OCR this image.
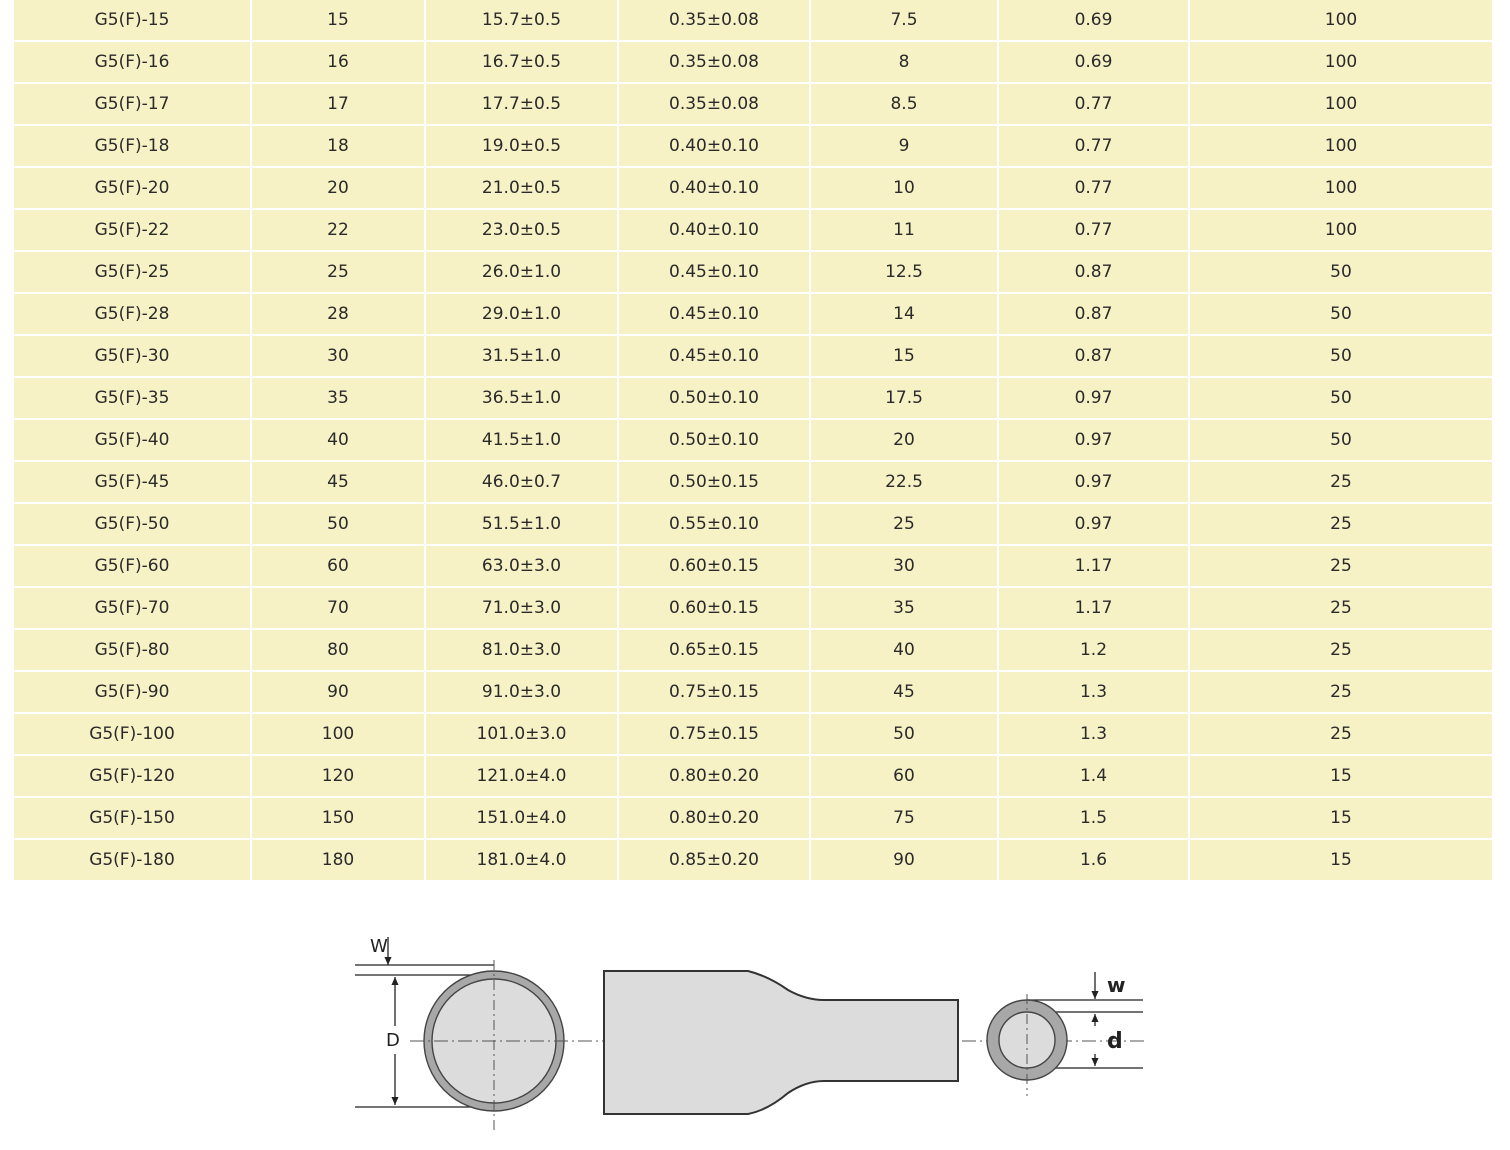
G5(F)-15	15	15.7±0.5	0.35±0.08	7.5	0.69	100
G5(F)-16	16	16.7±0.5	0.35±0.08	8	0.69	100
G5(F)-17	17	17.7±0.5	0.35±0.08	8.5	0.77	100
G5(F)-18	18	19.0±0.5	0.40±0.10	9	0.77	100
G5(F)-20	20	21.0±0.5	0.40±0.10	10	0.77	100
G5(F)-22	22	23.0±0.5	0.40±0.10	11	0.77	100
G5(F)-25	25	26.0±1.0	0.45±0.10	12.5	0.87	50
G5(F)-28	28	29.0±1.0	0.45±0.10	14	0.87	50
G5(F)-30	30	31.5±1.0	0.45±0.10	15	0.87	50
G5(F)-35	35	36.5±1.0	0.50±0.10	17.5	0.97	50
G5(F)-40	40	41.5±1.0	0.50±0.10	20	0.97	50
G5(F)-45	45	46.0±0.7	0.50±0.15	22.5	0.97	25
G5(F)-50	50	51.5±1.0	0.55±0.10	25	0.97	25
G5(F)-60	60	63.0±3.0	0.60±0.15	30	1.17	25
G5(F)-70	70	71.0±3.0	0.60±0.15	35	1.17	25
G5(F)-80	80	81.0±3.0	0.65±0.15	40	1.2	25
G5(F)-90	90	91.0±3.0	0.75±0.15	45	1.3	25
G5(F)-100	100	101.0±3.0	0.75±0.15	50	1.3	25
G5(F)-120	120	121.0±4.0	0.80±0.20	60	1.4	15
G5(F)-150	150	151.0±4.0	0.80±0.20	75	1.5	15
G5(F)-180	180	181.0±4.0	0.85±0.20	90	1.6	15
W
D
w
d
